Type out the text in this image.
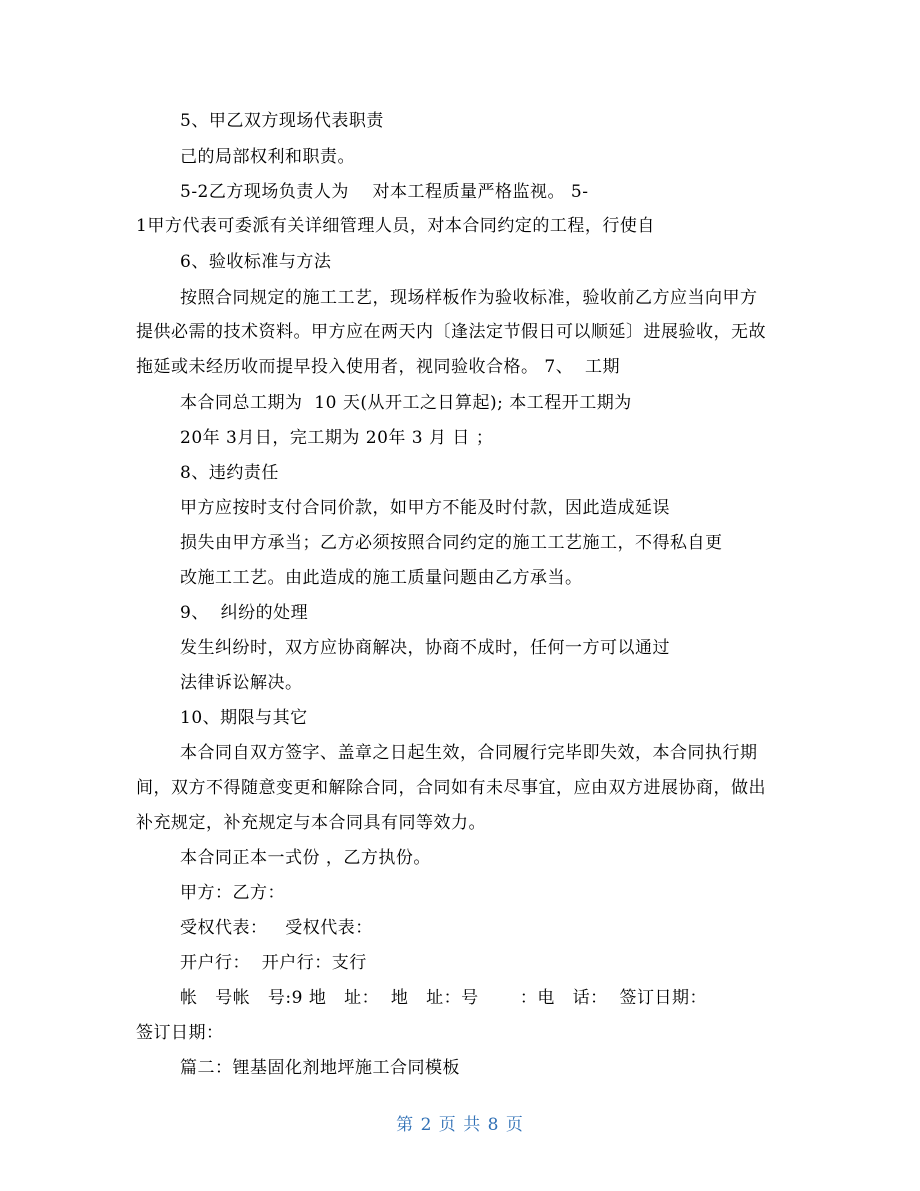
5、甲乙双方现场代表职责
己的局部权利和职责。
5-2乙方现场负责人为    对本工程质量严格监视。 5-
1甲方代表可委派有关详细管理人员，对本合同约定的工程，行使自
6、验收标准与方法
按照合同规定的施工工艺，现场样板作为验收标准，验收前乙方应当向甲方
提供必需的技术资料。甲方应在两天内〔逢法定节假日可以顺延〕进展验收，无故
拖延或未经历收而提早投入使用者，视同验收合格。 7、  工期
本合同总工期为  10 天(从开工之日算起); 本工程开工期为
20年 3月日，完工期为 20年 3 月 日 ；
8、违约责任
甲方应按时支付合同价款，如甲方不能及时付款，因此造成延误
损失由甲方承当；乙方必须按照合同约定的施工工艺施工，不得私自更
改施工工艺。由此造成的施工质量问题由乙方承当。
9、  纠纷的处理
发生纠纷时，双方应协商解决，协商不成时，任何一方可以通过
法律诉讼解决。
10、期限与其它
本合同自双方签字、盖章之日起生效，合同履行完毕即失效，本合同执行期
间，双方不得随意变更和解除合同，合同如有未尽事宜，应由双方进展协商，做出
补充规定，补充规定与本合同具有同等效力。
本合同正本一式份 ，乙方执份。
甲方：乙方：
受权代表：   受权代表：
开户行：  开户行：支行
帐   号帐   号:9 地   址：  地   址：号       ：电   话：  签订日期：
签订日期：
篇二：锂基固化剂地坪施工合同模板
第 2 页 共 8 页
